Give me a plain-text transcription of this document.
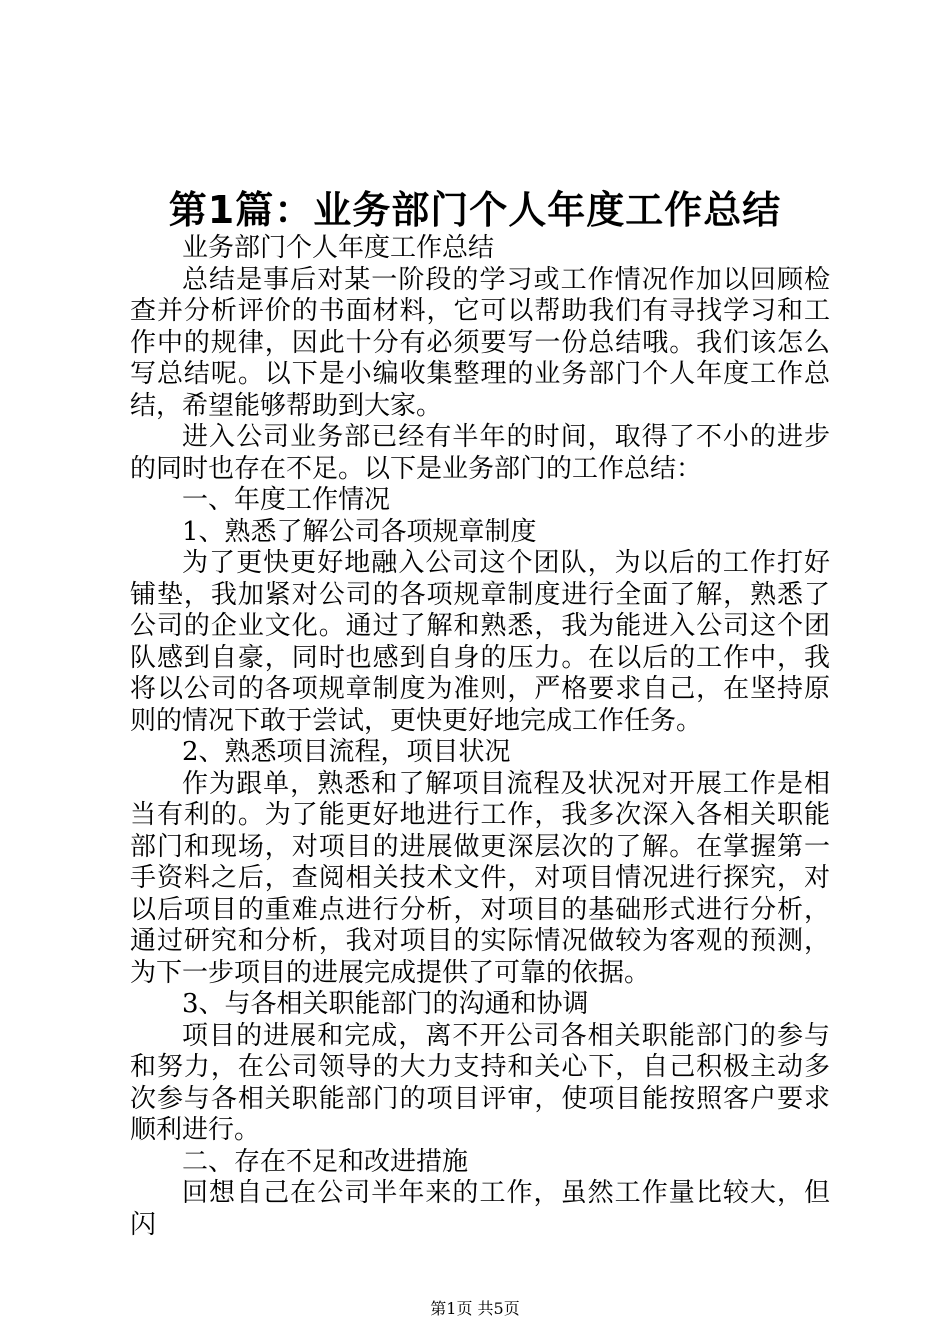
第1篇：业务部门个人年度工作总结

业务部门个人年度工作总结

总结是事后对某一阶段的学习或工作情况作加以回顾检查并分析评价的书面材料，它可以帮助我们有寻找学习和工作中的规律，因此十分有必须要写一份总结哦。我们该怎么写总结呢。以下是小编收集整理的业务部门个人年度工作总结，希望能够帮助到大家。

进入公司业务部已经有半年的时间，取得了不小的进步的同时也存在不足。以下是业务部门的工作总结：

一、年度工作情况

1、熟悉了解公司各项规章制度

为了更快更好地融入公司这个团队，为以后的工作打好铺垫，我加紧对公司的各项规章制度进行全面了解，熟悉了公司的企业文化。通过了解和熟悉，我为能进入公司这个团队感到自豪，同时也感到自身的压力。在以后的工作中，我将以公司的各项规章制度为准则，严格要求自己，在坚持原则的情况下敢于尝试，更快更好地完成工作任务。

2、熟悉项目流程，项目状况

作为跟单，熟悉和了解项目流程及状况对开展工作是相当有利的。为了能更好地进行工作，我多次深入各相关职能部门和现场，对项目的进展做更深层次的了解。在掌握第一手资料之后，查阅相关技术文件，对项目情况进行探究，对以后项目的重难点进行分析，对项目的基础形式进行分析，通过研究和分析，我对项目的实际情况做较为客观的预测，为下一步项目的进展完成提供了可靠的依据。

3、与各相关职能部门的沟通和协调

项目的进展和完成，离不开公司各相关职能部门的参与和努力，在公司领导的大力支持和关心下，自己积极主动多次参与各相关职能部门的项目评审，使项目能按照客户要求顺利进行。

二、存在不足和改进措施

回想自己在公司半年来的工作，虽然工作量比较大，但闪

第1页 共5页
